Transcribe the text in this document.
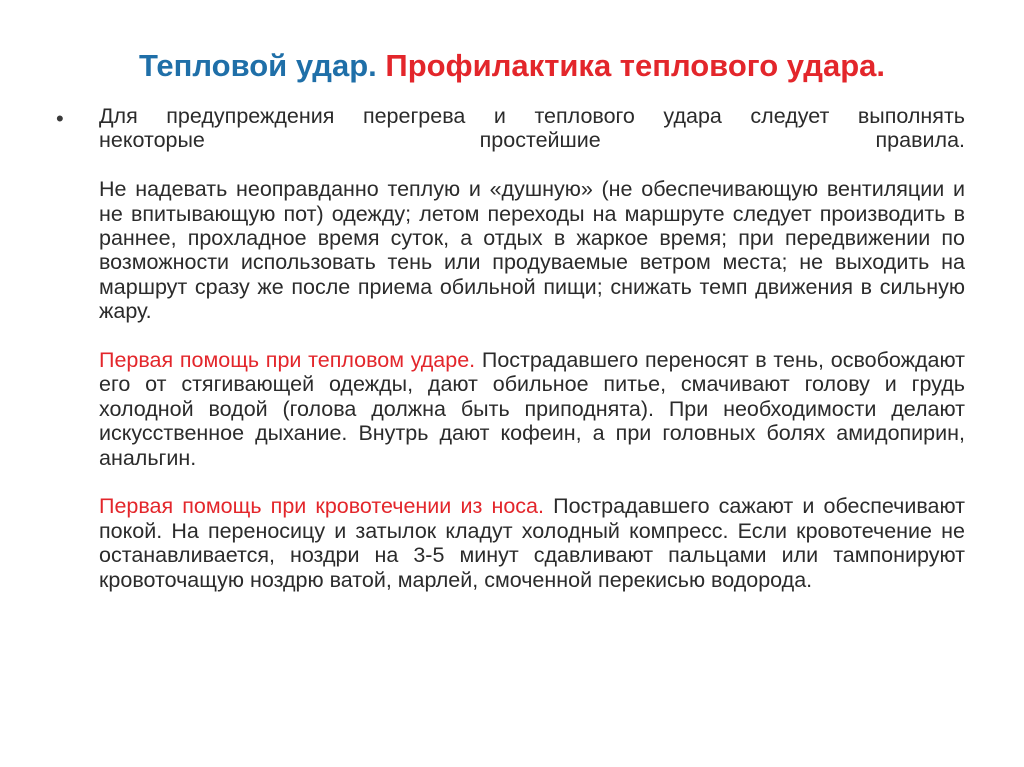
Тепловой удар. Профилактика теплового удара.
• Для предупреждения перегрева и теплового удара следует выполнять

некоторые простейшие правила.

Не надевать неоправданно теплую и «душную» (не обеспечивающую вентиляции и не впитывающую пот) одежду; летом переходы на маршруте следует производить в раннее, прохладное время суток, а отдых в жаркое время; при передвижении по возможности использовать тень или продуваемые ветром места; не выходить на маршрут сразу же после приема обильной пищи; снижать темп движения в сильную жару.

Первая помощь при тепловом ударе. Пострадавшего переносят в тень, освобождают его от стягивающей одежды, дают обильное питье, смачивают голову и грудь холодной водой (голова должна быть приподнята). При необходимости делают искусственное дыхание. Внутрь дают кофеин, а при головных болях амидопирин, анальгин.

Первая помощь при кровотечении из носа. Пострадавшего сажают и обеспечивают покой. На переносицу и затылок кладут холодный компресс. Если кровотечение не останавливается, ноздри на 3-5 минут сдавливают пальцами или тампонируют кровоточащую ноздрю ватой, марлей, смоченной перекисью водорода.
